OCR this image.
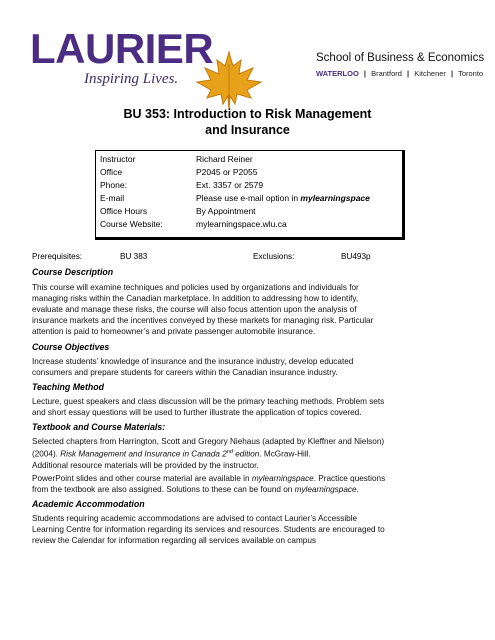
LAURIER
Inspiring Lives.
School of Business & Economics
WATERLOO | Brantford | Kitchener | Toronto
BU 353: Introduction to Risk Management
and Insurance
Instructor	Richard Reiner
Office	P2045 or P2055
Phone:	Ext. 3357 or 2579
E-mail	Please use e-mail option in mylearningspace
Office Hours	By Appointment
Course Website:	mylearningspace.wlu.ca
Prerequisites:	BU 383	Exclusions:	BU493p
Course Description
This course will examine techniques and policies used by organizations and individuals for
managing risks within the Canadian marketplace. In addition to addressing how to identify,
evaluate and manage these risks, the course will also focus attention upon the analysis of
insurance markets and the incentives conveyed by these markets for managing risk. Particular
attention is paid to homeowner’s and private passenger automobile insurance.
Course Objectives
Increase students’ knowledge of insurance and the insurance industry, develop educated
consumers and prepare students for careers within the Canadian insurance industry.
Teaching Method
Lecture, guest speakers and class discussion will be the primary teaching methods. Problem sets
and short essay questions will be used to further illustrate the application of topics covered.
Textbook and Course Materials:
Selected chapters from Harrington, Scott and Gregory Niehaus (adapted by Kleffner and Nielson)
(2004). Risk Management and Insurance in Canada 2nd edition. McGraw-Hill.
Additional resource materials will be provided by the instructor.
PowerPoint slides and other course material are available in mylearningspace. Practice questions
from the textbook are also assigned. Solutions to these can be found on mylearningspace.
Academic Accommodation
Students requiring academic accommodations are advised to contact Laurier’s Accessible
Learning Centre for information regarding its services and resources. Students are encouraged to
review the Calendar for information regarding all services available on campus
